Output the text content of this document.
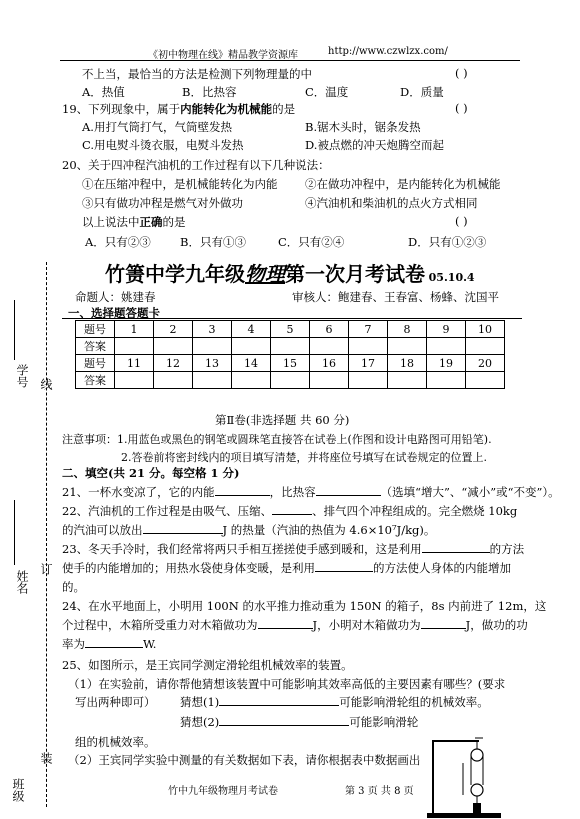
《初中物理在线》精品教学资源库	http://www.czwlzx.com/
不上当，最恰当的方法是检测下列物理量的中	( )
A．热值	B．比热容	C．温度	D．质量
19、下列现象中，属于内能转化为机械能的是	( )
A.用打气筒打气，气筒壁发热	B.锯木头时，锯条发热
C.用电熨斗烫衣服，电熨斗发热	D.被点燃的冲天炮腾空而起
20、关于四冲程汽油机的工作过程有以下几种说法：
①在压缩冲程中，是机械能转化为内能 ②在做功冲程中，是内能转化为机械能
③只有做功冲程是燃气对外做功	④汽油机和柴油机的点火方式相同
以上说法中正确的是	( )
A．只有②③	B．只有①③	C．只有②④	D．只有①②③
竹箦中学九年级物理第一次月考试卷 05.10.4
命题人：姚建春	审核人：鲍建春、王春富、杨蜂、沈国平
一、选择题答题卡
题号	1	2	3	4	5	6	7	8	9	10
答案										
题号	11	12	13	14	15	16	17	18	19	20
答案										
第Ⅱ卷(非选择题 共 60 分)
注意事项：1.用蓝色或黑色的钢笔或圆珠笔直接答在试卷上(作图和设计电路图可用铅笔).
2.答卷前将密封线内的项目填写清楚，并将座位号填写在试卷规定的位置上.
二、填空(共 21 分。每空格 1 分)
21、一杯水变凉了，它的内能	，比热容	（选填“增大”、“减小”或“不变”）。
22、汽油机的工作过程是由吸气、压缩、	、排气四个冲程组成的。完全燃烧 10kg
的汽油可以放出	J 的热量（汽油的热值为 4.6×10⁷J/kg)。
23、冬天手冷时，我们经常将两只手相互搓搓使手感到暖和，这是利用	的方法
使手的内能增加的；用热水袋使身体变暖，是利用	的方法使人身体的内能增加
的。
24、在水平地面上，小明用 100N 的水平推力推动重为 150N 的箱子，8s 内前进了 12m，这
个过程中，木箱所受重力对木箱做功为	J，小明对木箱做功为	J，做功的功
率为	W.
25、如图所示，是王宾同学测定滑轮组机械效率的装置。
（1）在实验前，请你帮他猜想该装置中可能影响其效率高低的主要因素有哪些？(要求
写出两种即可） 猜想(1)	可能影响滑轮组的机械效率。
猜想(2)	可能影响滑轮
组的机械效率。
（2）王宾同学实验中测量的有关数据如下表，请你根据表中数据画出
竹中九年级物理月考试卷	第 3 页 共 8 页
学号 线
姓名
订
班级
装
